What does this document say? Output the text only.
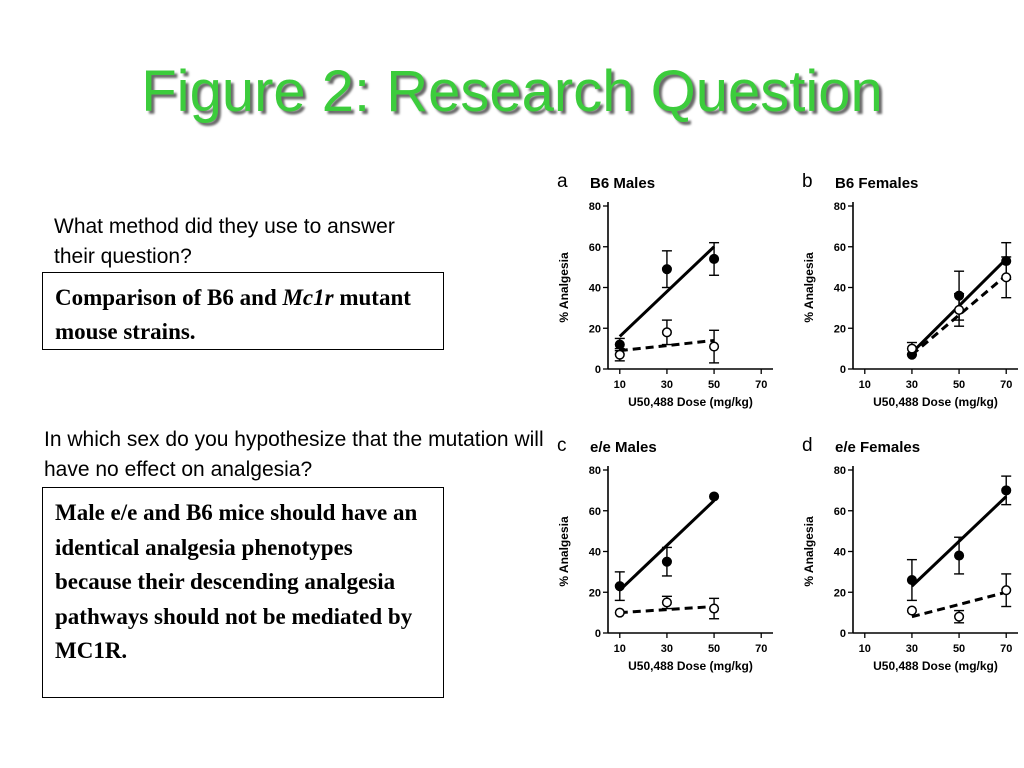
Figure 2: Research Question

What method did they use to answer their question?

Comparison of B6 and Mc1r mutant mouse strains.

In which sex do you hypothesize that the mutation will have no effect on analgesia?

Male e/e and B6 mice should have an identical analgesia phenotypes because their descending analgesia pathways should not be mediated by MC1R.
a B6 Males
0
20
40
60
80
10	30	50	70
U50,488 Dose (mg/kg)
% Analgesia
b B6 Females
0
20
40
60
80
10	30	50	70
U50,488 Dose (mg/kg)
% Analgesia
c e/e Males
0
20
40
60
80
10	30	50	70
U50,488 Dose (mg/kg)
% Analgesia
d e/e Females
0
20
40
60
80
10	30	50	70
U50,488 Dose (mg/kg)
% Analgesia
